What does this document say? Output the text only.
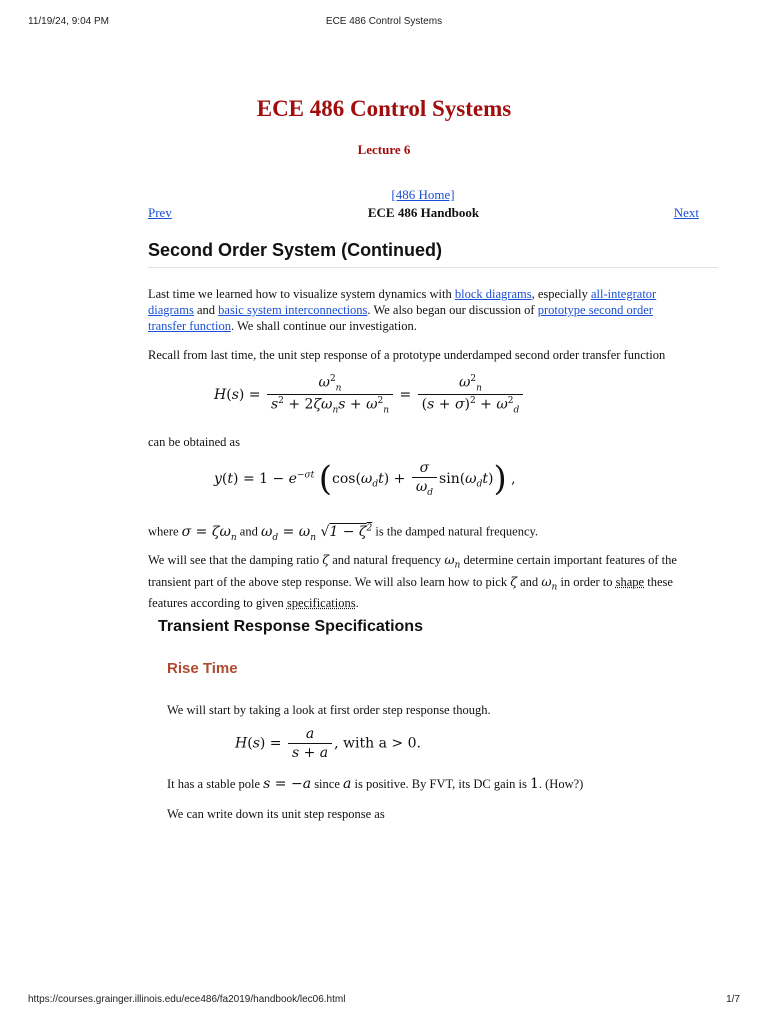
11/19/24, 9:04 PM	ECE 486 Control Systems
ECE 486 Control Systems
Lecture 6
[486 Home]
Prev	ECE 486 Handbook	Next
Second Order System (Continued)

Last time we learned how to visualize system dynamics with block diagrams, especially all-integrator diagrams and basic system interconnections. We also began our discussion of prototype second order transfer function. We shall continue our investigation.

Recall from last time, the unit step response of a prototype underdamped second order transfer function

$H(s) = \frac{\omega^2_n}{s^2 + 2\zeta\omega_ns + \omega^2_n} = \frac{\omega^2_n}{(s + \sigma)^2 + \omega^2_d}$

can be obtained as

$y(t) = 1 - e^{-\sigma t}$ $(\cos(\omega_dt) + \frac{\sigma}{\omega_d} \sin(\omega_dt))$ ,

where $\sigma = \zeta\omega_n$ and $\omega_d = \omega_n$ $√1 - \zeta^2$ is the damped natural frequency.

We will see that the damping ratio ζ and natural frequency $\omega_n$ determine certain important features of the transient part of the above step response. We will also learn how to pick ζ and $\omega_n$ in order to shape these features according to given specifications.

Transient Response Specifications
Rise Time

We will start by taking a look at first order step response though.

$H(s) = \frac{a}{s + a}$ , with a > 0.

It has a stable pole s = −a since a is positive. By FVT, its DC gain is 1. (How?)

We can write down its unit step response as

https://courses.grainger.illinois.edu/ece486/fa2019/handbook/lec06.html	1/7
